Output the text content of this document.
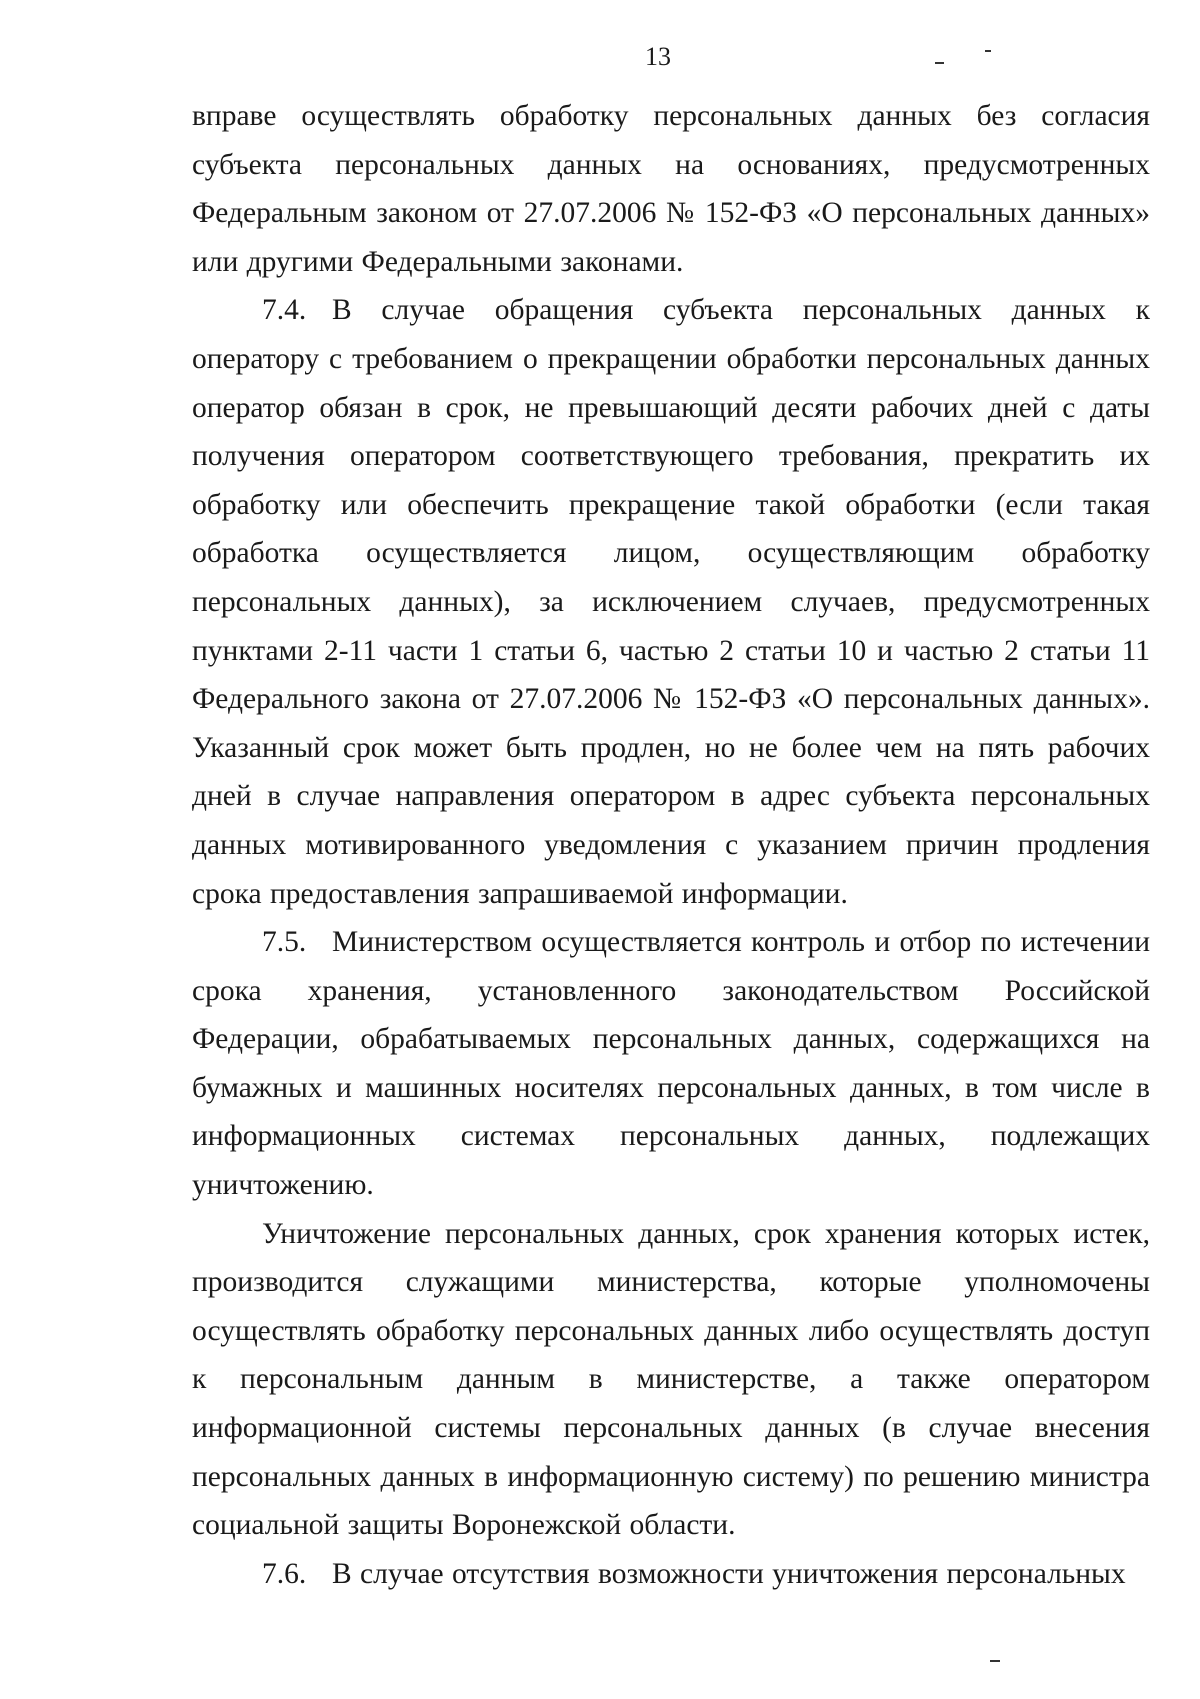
13

вправе осуществлять обработку персональных данных без согласия субъекта персональных данных на основаниях, предусмотренных Федеральным законом от 27.07.2006 № 152-ФЗ «О персональных данных» или другими Федеральными законами.

7.4. В случае обращения субъекта персональных данных к оператору с требованием о прекращении обработки персональных данных оператор обязан в срок, не превышающий десяти рабочих дней с даты получения оператором соответствующего требования, прекратить их обработку или обеспечить прекращение такой обработки (если такая обработка осуществляется лицом, осуществляющим обработку персональных данных), за исключением случаев, предусмотренных пунктами 2-11 части 1 статьи 6, частью 2 статьи 10 и частью 2 статьи 11 Федерального закона от 27.07.2006 № 152-ФЗ «О персональных данных». Указанный срок может быть продлен, но не более чем на пять рабочих дней в случае направления оператором в адрес субъекта персональных данных мотивированного уведомления с указанием причин продления срока предоставления запрашиваемой информации.

7.5. Министерством осуществляется контроль и отбор по истечении срока хранения, установленного законодательством Российской Федерации, обрабатываемых персональных данных, содержащихся на бумажных и машинных носителях персональных данных, в том числе в информационных системах персональных данных, подлежащих уничтожению.

Уничтожение персональных данных, срок хранения которых истек, производится служащими министерства, которые уполномочены осуществлять обработку персональных данных либо осуществлять доступ к персональным данным в министерстве, а также оператором информационной системы персональных данных (в случае внесения персональных данных в информационную систему) по решению министра социальной защиты Воронежской области.

7.6. В случае отсутствия возможности уничтожения персональных
